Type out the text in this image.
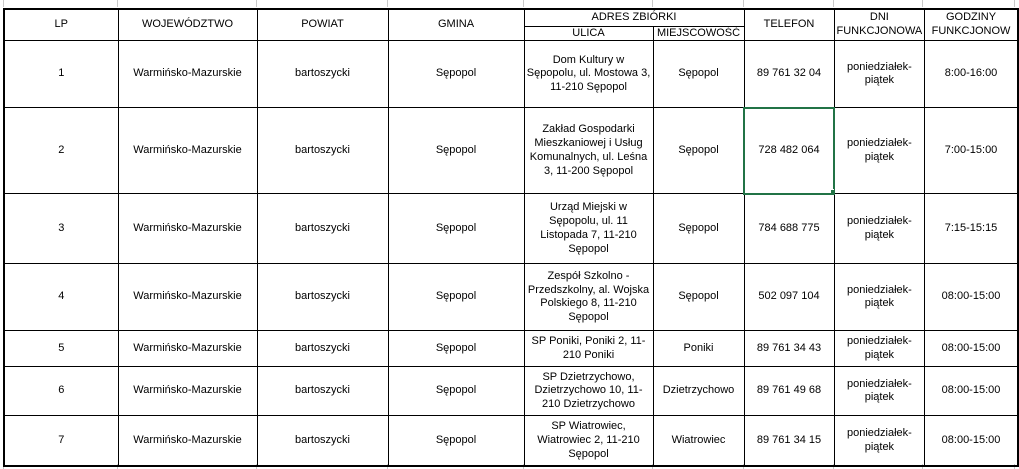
LP	WOJEWÓDZTWO	POWIAT	GMINA	ADRES ZBIÓRKI		TELEFON	DNI FUNKCJONOWA	GODZINY FUNKCJONOW
				ULICA	MIEJSCOWOŚĆ			
1	Warmińsko-Mazurskie	bartoszycki	Sępopol	Dom Kultury w Sępopolu, ul. Mostowa 3, 11-210 Sępopol	Sępopol	89 761 32 04	poniedziałek-piątek	8:00-16:00
2	Warmińsko-Mazurskie	bartoszycki	Sępopol	Zakład Gospodarki Mieszkaniowej i Usług Komunalnych, ul. Leśna 3, 11-200 Sępopol	Sępopol	728 482 064	poniedziałek-piątek	7:00-15:00
3	Warmińsko-Mazurskie	bartoszycki	Sępopol	Urząd Miejski w Sępopolu, ul. 11 Listopada 7, 11-210 Sępopol	Sępopol	784 688 775	poniedziałek-piątek	7:15-15:15
4	Warmińsko-Mazurskie	bartoszycki	Sępopol	Zespół Szkolno - Przedszkolny, al. Wojska Polskiego 8, 11-210 Sępopol	Sępopol	502 097 104	poniedziałek-piątek	08:00-15:00
5	Warmińsko-Mazurskie	bartoszycki	Sępopol	SP Poniki, Poniki 2, 11-210 Poniki	Poniki	89 761 34 43	poniedziałek-piątek	08:00-15:00
6	Warmińsko-Mazurskie	bartoszycki	Sępopol	SP Dzietrzychowo, Dzietrzychowo 10, 11-210 Dzietrzychowo	Dzietrzychowo	89 761 49 68	poniedziałek-piątek	08:00-15:00
7	Warmińsko-Mazurskie	bartoszycki	Sępopol	SP Wiatrowiec, Wiatrowiec 2, 11-210 Sępopol	Wiatrowiec	89 761 34 15	poniedziałek-piątek	08:00-15:00
